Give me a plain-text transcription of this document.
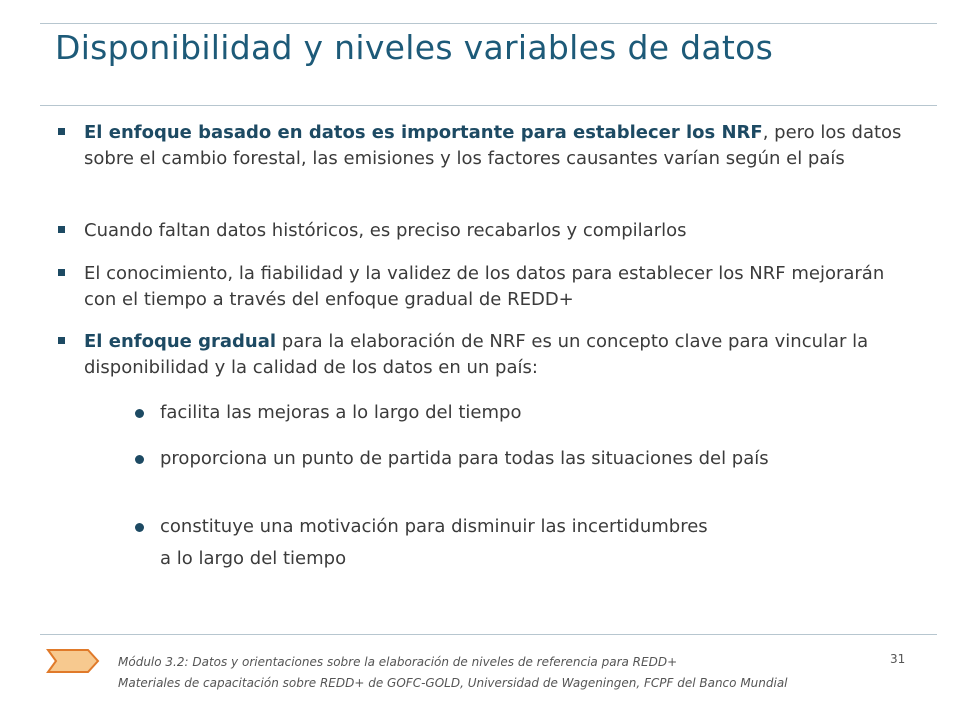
Disponibilidad y niveles variables de datos
El enfoque basado en datos es importante para establecer los NRF, pero los datos sobre el cambio forestal, las emisiones y los factores causantes varían según el país
Cuando faltan datos históricos, es preciso recabarlos y compilarlos
El conocimiento, la fiabilidad y la validez de los datos para establecer los NRF mejorarán con el tiempo a través del enfoque gradual de REDD+
El enfoque gradual para la elaboración de NRF es un concepto clave para vincular la disponibilidad y la calidad de los datos en un país:
facilita las mejoras a lo largo del tiempo
proporciona un punto de partida para todas las situaciones del país
constituye una motivación para disminuir las incertidumbres
a lo largo del tiempo
Módulo 3.2: Datos y orientaciones sobre la elaboración de niveles de referencia para REDD+
Materiales de capacitación sobre REDD+ de GOFC-GOLD, Universidad de Wageningen, FCPF del Banco Mundial
31
